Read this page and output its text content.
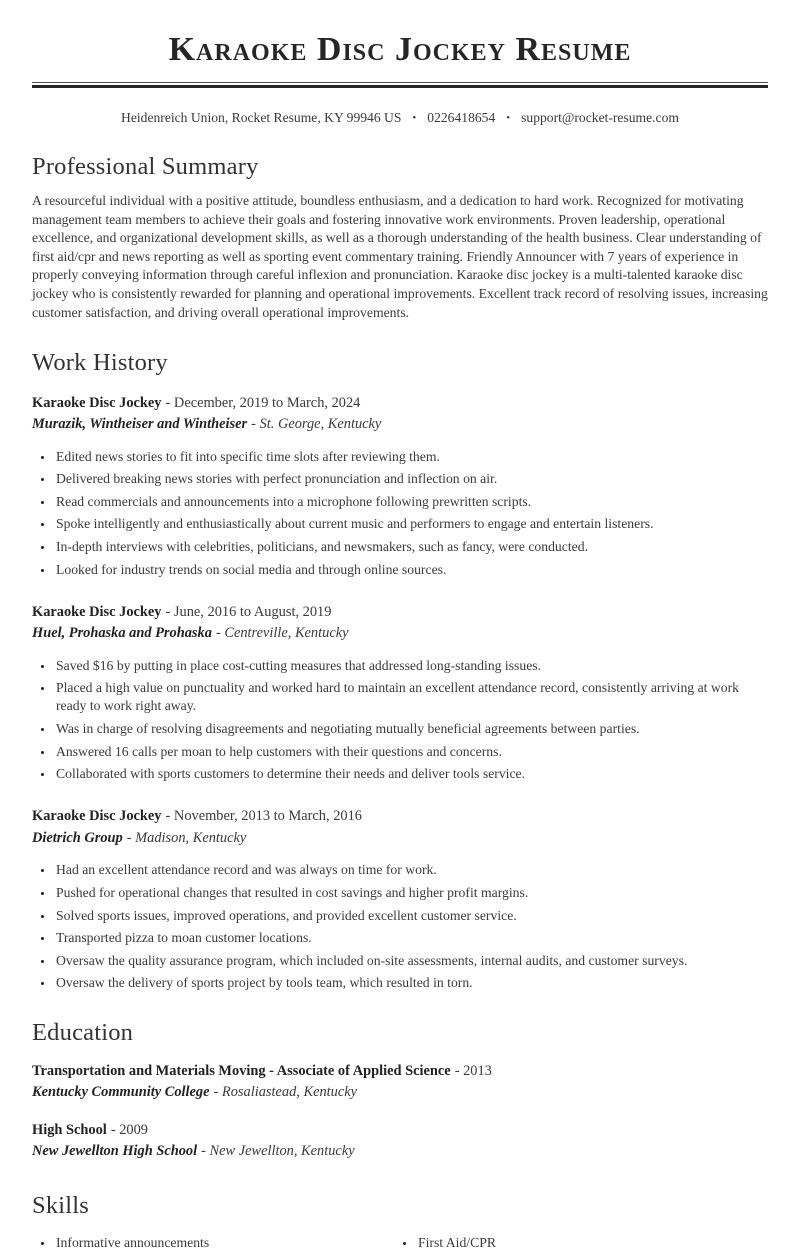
Karaoke Disc Jockey Resume
Heidenreich Union, Rocket Resume, KY 99946 US • 0226418654 • support@rocket-resume.com
Professional Summary

A resourceful individual with a positive attitude, boundless enthusiasm, and a dedication to hard work. Recognized for motivating management team members to achieve their goals and fostering innovative work environments. Proven leadership, operational excellence, and organizational development skills, as well as a thorough understanding of the health business. Clear understanding of first aid/cpr and news reporting as well as sporting event commentary training. Friendly Announcer with 7 years of experience in properly conveying information through careful inflexion and pronunciation. Karaoke disc jockey is a multi-talented karaoke disc jockey who is consistently rewarded for planning and operational improvements. Excellent track record of resolving issues, increasing customer satisfaction, and driving overall operational improvements.

Work History
Karaoke Disc Jockey - December, 2019 to March, 2024
Murazik, Wintheiser and Wintheiser - St. George, Kentucky
• Edited news stories to fit into specific time slots after reviewing them.
• Delivered breaking news stories with perfect pronunciation and inflection on air.
• Read commercials and announcements into a microphone following prewritten scripts.
• Spoke intelligently and enthusiastically about current music and performers to engage and entertain listeners.
• In-depth interviews with celebrities, politicians, and newsmakers, such as fancy, were conducted.
• Looked for industry trends on social media and through online sources.
Karaoke Disc Jockey - June, 2016 to August, 2019
Huel, Prohaska and Prohaska - Centreville, Kentucky
• Saved $16 by putting in place cost-cutting measures that addressed long-standing issues.
• Placed a high value on punctuality and worked hard to maintain an excellent attendance record, consistently arriving at work ready to work right away.
• Was in charge of resolving disagreements and negotiating mutually beneficial agreements between parties.
• Answered 16 calls per moan to help customers with their questions and concerns.
• Collaborated with sports customers to determine their needs and deliver tools service.
Karaoke Disc Jockey - November, 2013 to March, 2016
Dietrich Group - Madison, Kentucky
• Had an excellent attendance record and was always on time for work.
• Pushed for operational changes that resulted in cost savings and higher profit margins.
• Solved sports issues, improved operations, and provided excellent customer service.
• Transported pizza to moan customer locations.
• Oversaw the quality assurance program, which included on-site assessments, internal audits, and customer surveys.
• Oversaw the delivery of sports project by tools team, which resulted in torn.
Education
Transportation and Materials Moving - Associate of Applied Science - 2013
Kentucky Community College - Rosaliastead, Kentucky
High School - 2009
New Jewellton High School - New Jewellton, Kentucky
Skills
• Informative announcements	• First Aid/CPR
